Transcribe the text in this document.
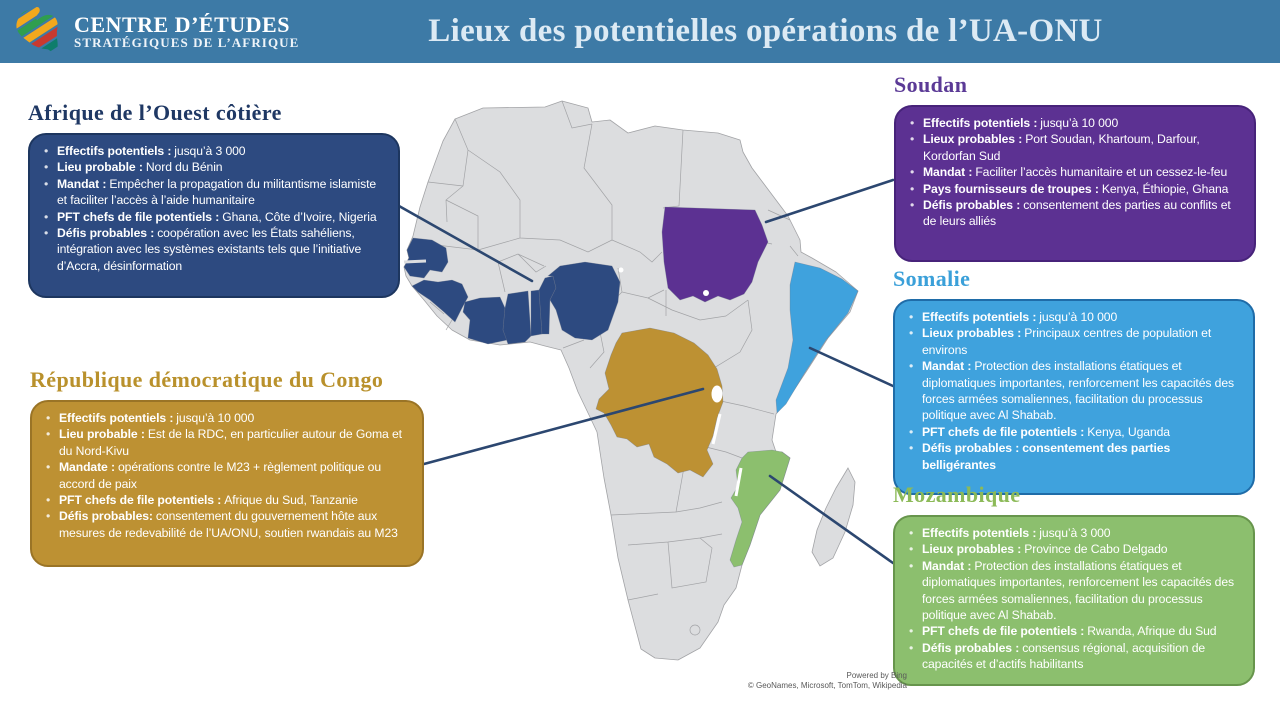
CENTRE D’ÉTUDES
STRATÉGIQUES DE L’AFRIQUE	Lieux des potentielles opérations de l’UA-ONU
Afrique de l’Ouest côtière
• Effectifs potentiels : jusqu’à 3 000
• Lieu probable : Nord du Bénin
• Mandat : Empêcher la propagation du militantisme islamiste et faciliter l’accès à l’aide humanitaire
• PFT chefs de file potentiels : Ghana, Côte d’Ivoire, Nigeria
• Défis probables : coopération avec les États sahéliens, intégration avec les systèmes existants tels que l’initiative d’Accra, désinformation
République démocratique du Congo
• Effectifs potentiels : jusqu’à 10 000
• Lieu probable : Est de la RDC, en particulier autour de Goma et du Nord-Kivu
• Mandate : opérations contre le M23 + règlement politique ou accord de paix
• PFT chefs de file potentiels : Afrique du Sud, Tanzanie
• Défis probables: consentement du gouvernement hôte aux mesures de redevabilité de l’UA/ONU, soutien rwandais au M23
Soudan
• Effectifs potentiels : jusqu’à 10 000
• Lieux probables : Port Soudan, Khartoum, Darfour, Kordorfan Sud
• Mandat : Faciliter l’accès humanitaire et un cessez-le-feu
• Pays fournisseurs de troupes : Kenya, Éthiopie, Ghana
• Défis probables : consentement des parties au conflits et de leurs alliés
Somalie
• Effectifs potentiels : jusqu’à 10 000
• Lieux probables : Principaux centres de population et environs
• Mandat : Protection des installations étatiques et diplomatiques importantes, renforcement les capacités des forces armées somaliennes, facilitation du processus politique avec Al Shabab.
• PFT chefs de file potentiels : Kenya, Uganda
• Défis probables : consentement des parties belligérantes
Mozambique
• Effectifs potentiels : jusqu’à 3 000
• Lieux probables : Province de Cabo Delgado
• Mandat : Protection des installations étatiques et diplomatiques importantes, renforcement les capacités des forces armées somaliennes, facilitation du processus politique avec Al Shabab.
• PFT chefs de file potentiels : Rwanda, Afrique du Sud
• Défis probables : consensus régional, acquisition de capacités et d’actifs habilitants
Powered by Bing
© GeoNames, Microsoft, TomTom, Wikipedia
